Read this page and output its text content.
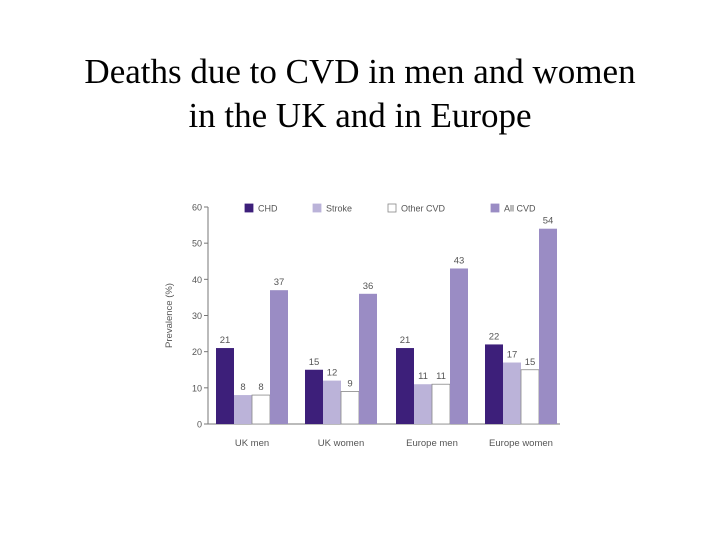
Deaths due to CVD in men and women
in the UK and in Europe
0
10
20
30
40
50
60
Prevalence (%)	21
8 8
37
UK men
15
12
9
36
UK women
21
11 11
43
Europe men
22
17
15
54
Europe women
CHD	Stroke	Other CVD	All CVD
